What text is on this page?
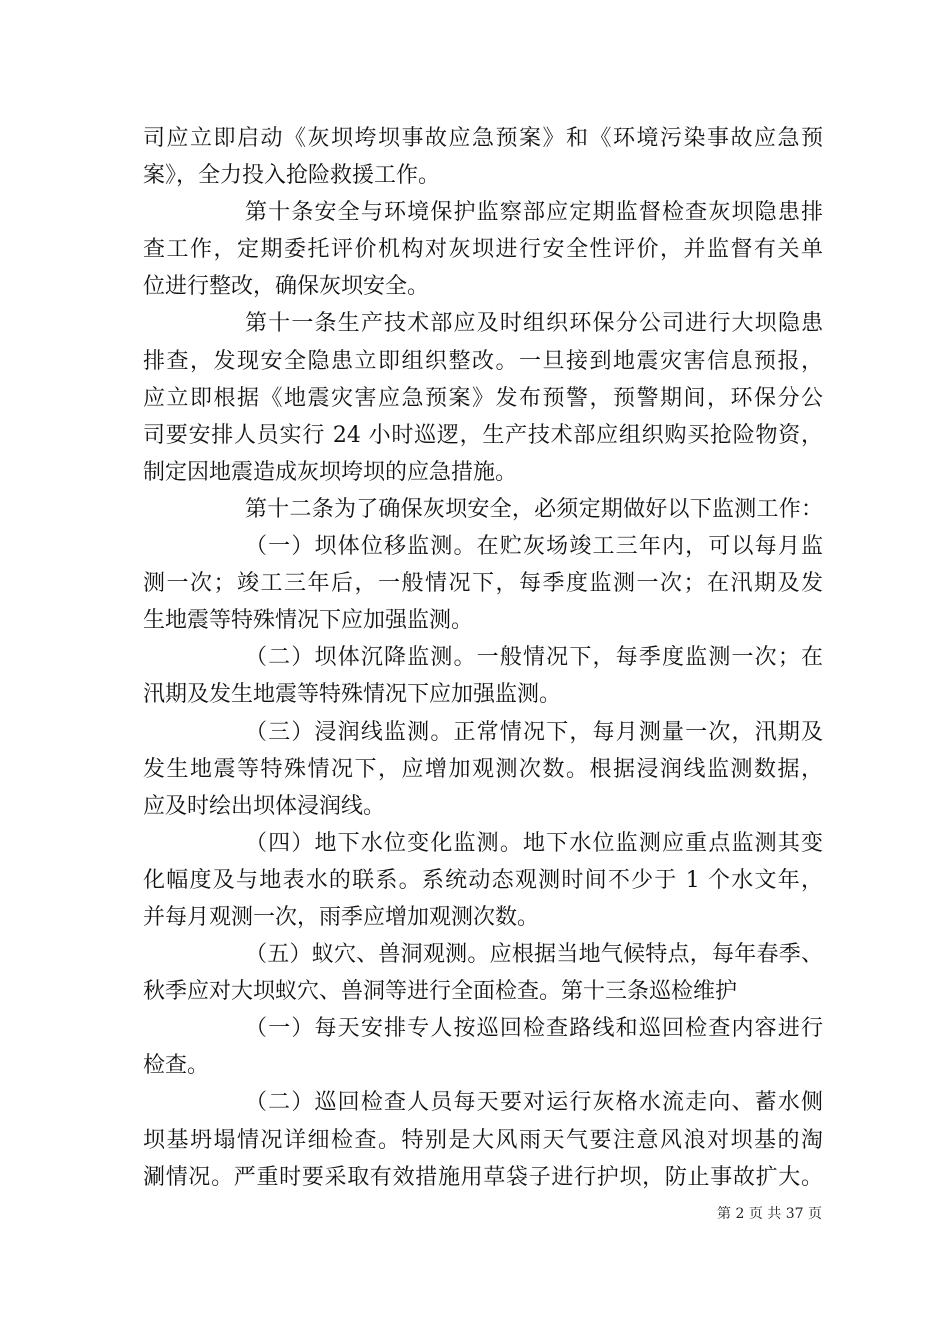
司应立即启动《灰坝垮坝事故应急预案》和《环境污染事故应急预

案》，全力投入抢险救援工作。

第十条安全与环境保护监察部应定期监督检查灰坝隐患排

查工作，定期委托评价机构对灰坝进行安全性评价，并监督有关单

位进行整改，确保灰坝安全。

第十一条生产技术部应及时组织环保分公司进行大坝隐患

排查，发现安全隐患立即组织整改。一旦接到地震灾害信息预报，

应立即根据《地震灾害应急预案》发布预警，预警期间，环保分公

司要安排人员实行 24 小时巡逻，生产技术部应组织购买抢险物资，

制定因地震造成灰坝垮坝的应急措施。

第十二条为了确保灰坝安全，必须定期做好以下监测工作：

（一）坝体位移监测。在贮灰场竣工三年内，可以每月监

测一次；竣工三年后，一般情况下，每季度监测一次；在汛期及发

生地震等特殊情况下应加强监测。

（二）坝体沉降监测。一般情况下，每季度监测一次；在

汛期及发生地震等特殊情况下应加强监测。

（三）浸润线监测。正常情况下，每月测量一次，汛期及

发生地震等特殊情况下，应增加观测次数。根据浸润线监测数据，

应及时绘出坝体浸润线。

（四）地下水位变化监测。地下水位监测应重点监测其变

化幅度及与地表水的联系。系统动态观测时间不少于 1 个水文年，

并每月观测一次，雨季应增加观测次数。

（五）蚁穴、兽洞观测。应根据当地气候特点，每年春季、

秋季应对大坝蚁穴、兽洞等进行全面检查。第十三条巡检维护

（一）每天安排专人按巡回检查路线和巡回检查内容进行

检查。

（二）巡回检查人员每天要对运行灰格水流走向、蓄水侧

坝基坍塌情况详细检查。特别是大风雨天气要注意风浪对坝基的淘

涮情况。严重时要采取有效措施用草袋子进行护坝，防止事故扩大。

第 2 页 共 37 页
